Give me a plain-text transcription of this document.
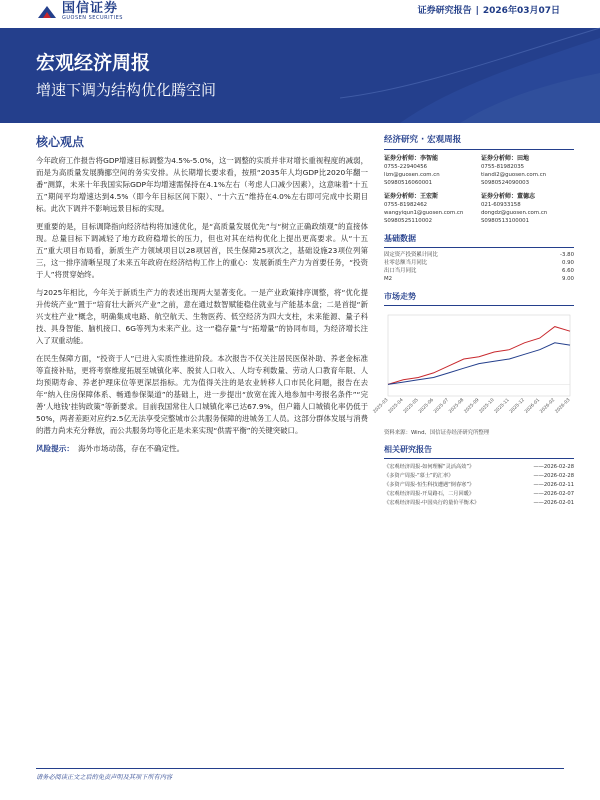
国信证券
GUOSEN SECURITIES
证券研究报告 | 2026年03月07日
宏观经济周报
增速下调为结构优化腾空间
核心观点

今年政府工作报告将GDP增速目标调整为4.5%-5.0%，这一调整的实质并非对增长重视程度的减弱，而是为高质量发展腾挪空间的务实安排。从长期增长要求看，按照“2035年人均GDP比2020年翻一番”测算，未来十年我国实际GDP年均增速需保持在4.1%左右（考虑人口减少因素），这意味着“十五五”期间平均增速达到4.5%（即今年目标区间下限）、“十六五”维持在4.0%左右即可完成中长期目标。此次下调并不影响远景目标的实现。

更重要的是，目标调降指向经济结构将加速优化，是“高质量发展优先”与“树立正确政绩观”的直接体现。总量目标下调减轻了地方政府稳增长的压力，但也对其在结构优化上提出更高要求。从“十五五”重大项目布局看，新质生产力领域项目以28项居首，民生保障25项次之，基础设施23项位列第三，这一排序清晰呈现了未来五年政府在经济结构工作上的重心：发展新质生产力为首要任务，“投资于人”将贯穿始终。

与2025年相比，今年关于新质生产力的表述出现两大显著变化。一是产业政策排序调整，将“优化提升传统产业”置于“培育壮大新兴产业”之前，意在通过数智赋能稳住就业与产能基本盘；二是首提“新兴支柱产业”概念，明确集成电路、航空航天、生物医药、低空经济为四大支柱，未来能源、量子科技、具身智能、脑机接口、6G等列为未来产业。这一“稳存量”与“拓增量”的协同布局，为经济增长注入了双重动能。

在民生保障方面，“投资于人”已进入实质性推进阶段。本次报告不仅关注居民医保补助、养老金标准等直接补贴，更将考察维度拓展至城镇化率、脱贫人口收入、人均专利数量、劳动人口教育年限、人均预期寿命、养老护理床位等更深层指标。尤为值得关注的是农业转移人口市民化问题，报告在去年“纳入住房保障体系、畅通参保渠道”的基础上，进一步提出“放宽在流入地参加中考报名条件”“完善‘人地钱’挂钩政策”等新要求。目前我国常住人口城镇化率已达67.9%，但户籍人口城镇化率仍低于50%，两者差距对应约2.5亿无法享受完整城市公共服务保障的进城务工人员。这部分群体发展与消费的潜力尚未充分释放，而公共服务均等化正是未来实现“供需平衡”的关键突破口。

风险提示： 海外市场动荡，存在不确定性。
经济研究 · 宏观周报
证券分析师：李智能
0755-22940456
lizn@guosen.com.cn
S0980516060001
证券分析师：田地
0755-81982035
tiandi2@guosen.com.cn
S0980524090003
证券分析师：王宏斯
0755-81982462
wangyiqun1@guosen.com.cn
S0980525110002
证券分析师：董德志
021-60933158
dongdz@guosen.com.cn
S0980513100001
基础数据
固定资产投资累计同比	-3.80
社零总额当月同比	0.90
出口当月同比	6.60
M2	9.00
市场走势
2025-03
2025-04
2025-05
2025-06
2025-07
2025-08
2025-09
2025-10
2025-11
2025-12
2026-01
2026-02
2026-03
资料来源：Wind、国信证券经济研究所整理
相关研究报告
《宏观经济周报-如何理解“灵活高效”》	——2026-02-28
《多资产周报-“慕士”的汇率》	——2026-02-28
《多资产周报-恒生科技遭遇“倒春寒”》	——2026-02-11
《宏观经济周报-开局路石，二月回暖》	——2026-02-07
《宏观经济周报-中国央行的量价平衡术》	——2026-02-01
请务必阅读正文之后的免责声明及其项下所有内容
